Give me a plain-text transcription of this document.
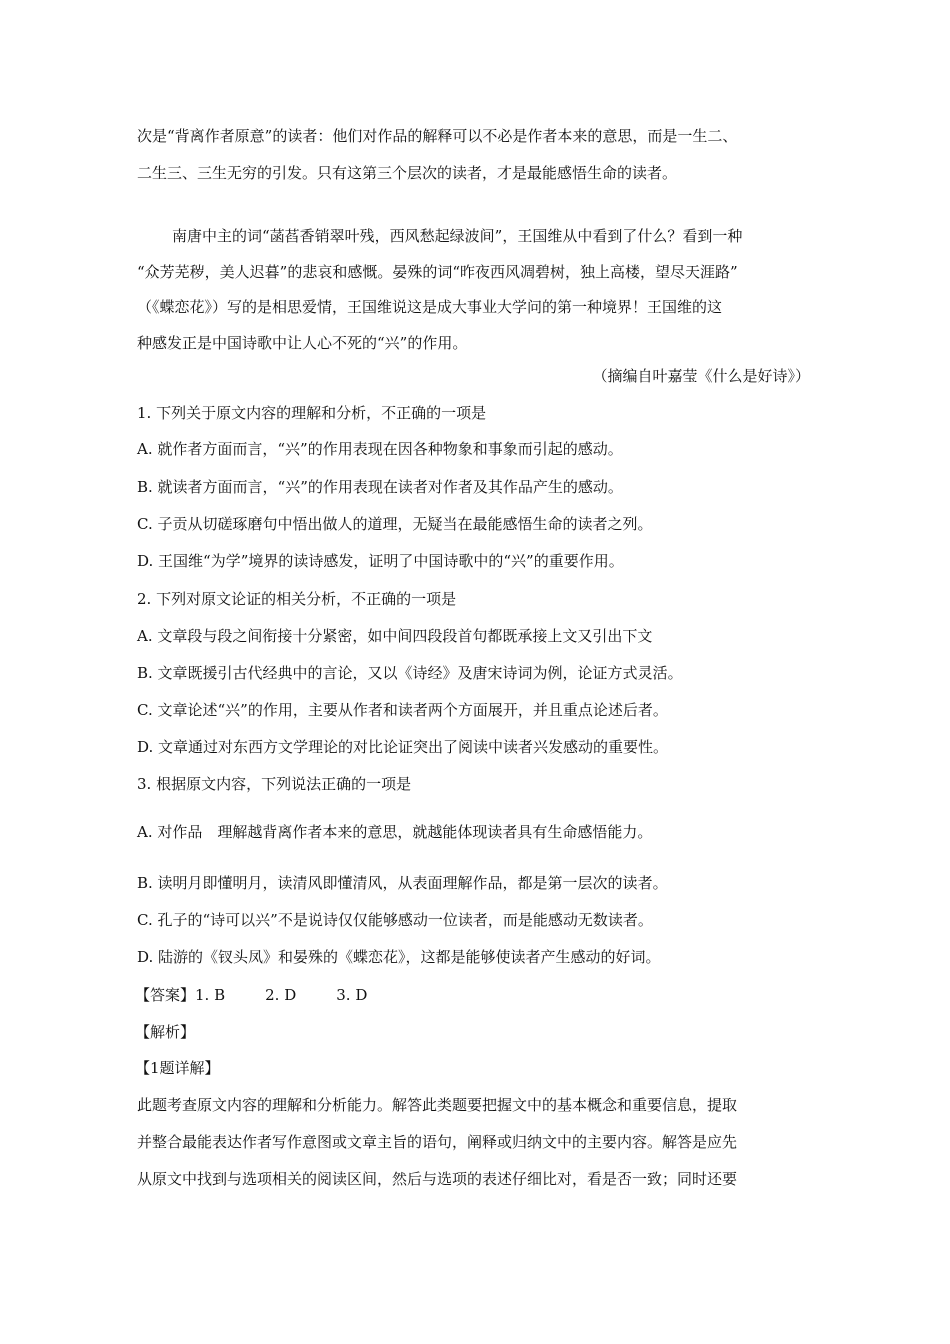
次是“背离作者原意”的读者：他们对作品的解释可以不必是作者本来的意思，而是一生二、
二生三、三生无穷的引发。只有这第三个层次的读者，才是最能感悟生命的读者。
南唐中主的词“菡萏香销翠叶残，西风愁起绿波间”，王国维从中看到了什么？看到一种
“众芳芜秽，美人迟暮”的悲哀和感慨。晏殊的词“昨夜西风凋碧树，独上高楼，望尽天涯路”
（《蝶恋花》）写的是相思爱情，王国维说这是成大事业大学问的第一种境界！王国维的这
种感发正是中国诗歌中让人心不死的“兴”的作用。
（摘编自叶嘉莹《什么是好诗》）
1. 下列关于原文内容的理解和分析，不正确的一项是
A. 就作者方面而言，“兴”的作用表现在因各种物象和事象而引起的感动。
B. 就读者方面而言，“兴”的作用表现在读者对作者及其作品产生的感动。
C. 子贡从切磋琢磨句中悟出做人的道理，无疑当在最能感悟生命的读者之列。
D. 王国维“为学”境界的读诗感发，证明了中国诗歌中的“兴”的重要作用。
2. 下列对原文论证的相关分析，不正确的一项是
A. 文章段与段之间衔接十分紧密，如中间四段段首句都既承接上文又引出下文
B. 文章既援引古代经典中的言论，又以《诗经》及唐宋诗词为例，论证方式灵活。
C. 文章论述“兴”的作用，主要从作者和读者两个方面展开，并且重点论述后者。
D. 文章通过对东西方文学理论的对比论证突出了阅读中读者兴发感动的重要性。
3. 根据原文内容，下列说法正确的一项是
A. 对作品　理解越背离作者本来的意思，就越能体现读者具有生命感悟能力。
B. 读明月即懂明月，读清风即懂清风，从表面理解作品，都是第一层次的读者。
C. 孔子的“诗可以兴”不是说诗仅仅能够感动一位读者，而是能感动无数读者。
D. 陆游的《钗头凤》和晏殊的《蝶恋花》，这都是能够使读者产生感动的好词。
【答案】1. B	2. D	3. D
【解析】
【1题详解】
此题考查原文内容的理解和分析能力。解答此类题要把握文中的基本概念和重要信息，提取
并整合最能表达作者写作意图或文章主旨的语句，阐释或归纳文中的主要内容。解答是应先
从原文中找到与选项相关的阅读区间，然后与选项的表述仔细比对，看是否一致；同时还要
